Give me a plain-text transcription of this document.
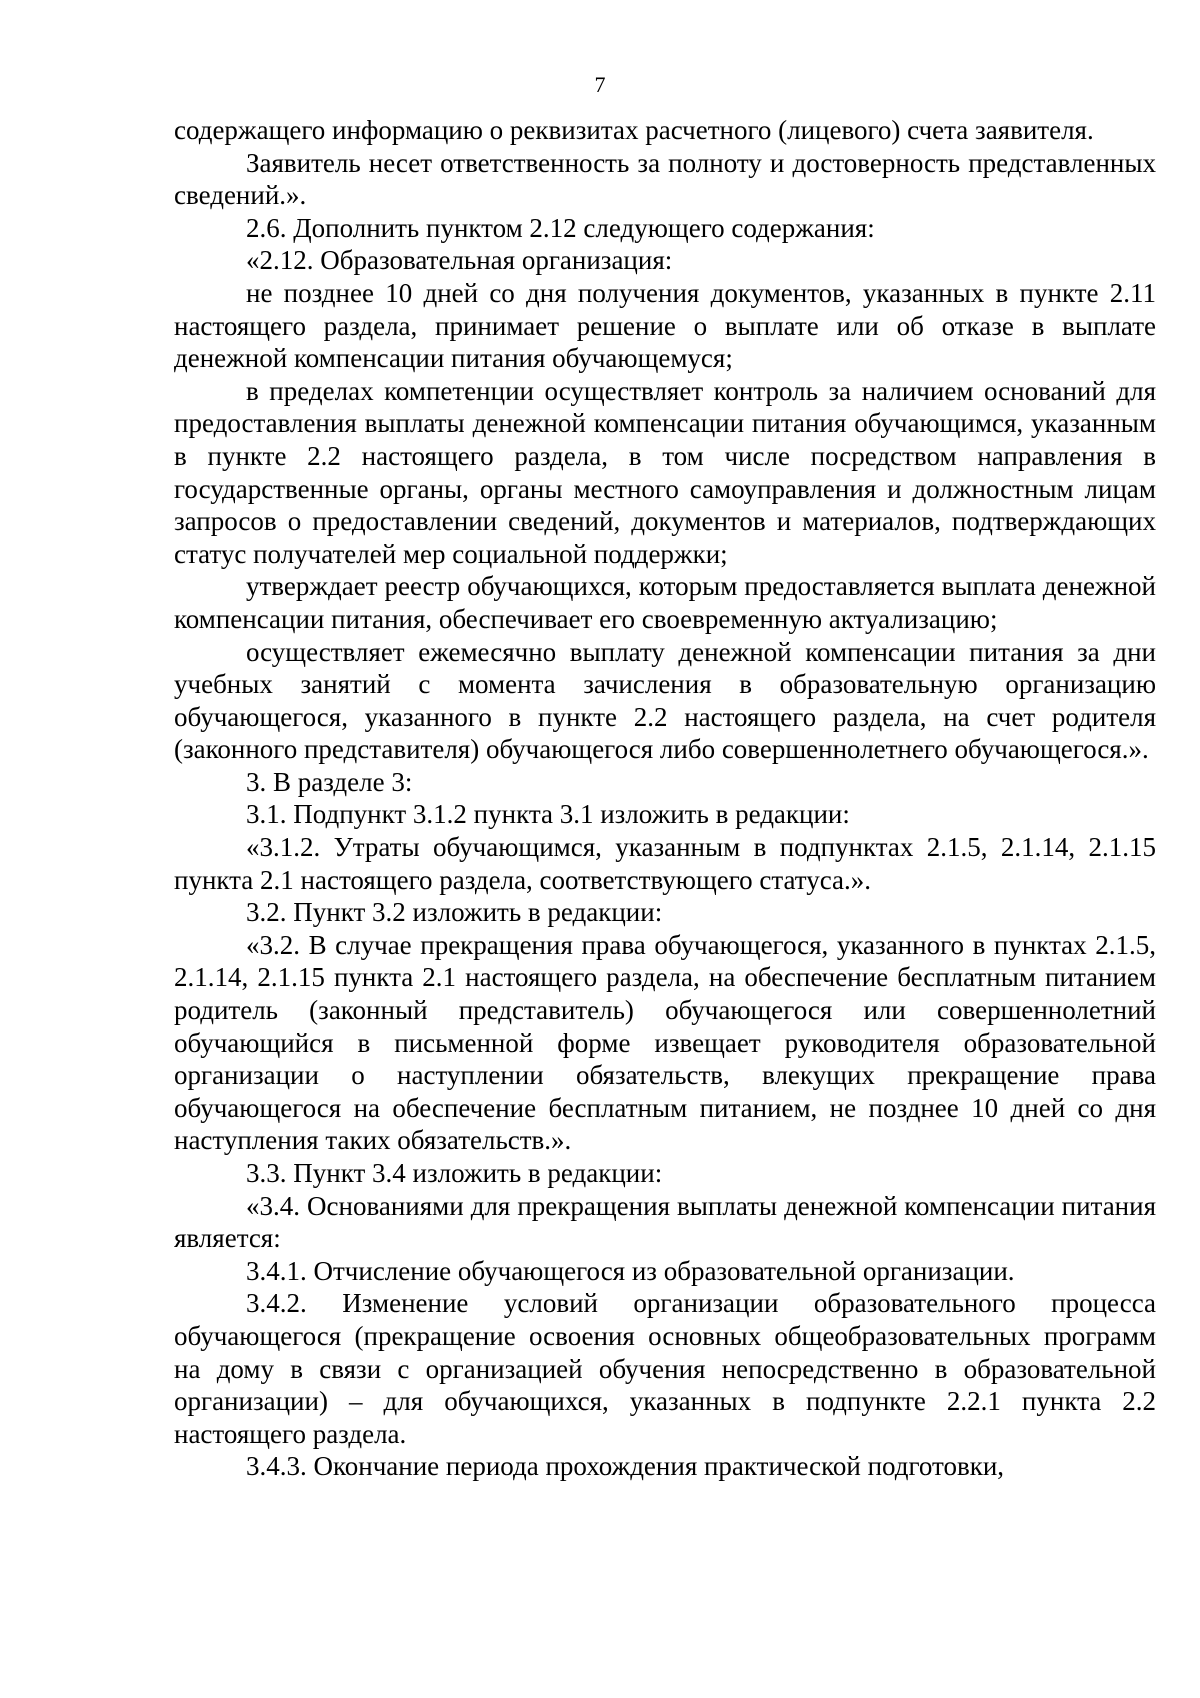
7

содержащего информацию о реквизитах расчетного (лицевого) счета заявителя.

Заявитель несет ответственность за полноту и достоверность представленных сведений.».

2.6. Дополнить пунктом 2.12 следующего содержания:

«2.12. Образовательная организация:

не позднее 10 дней со дня получения документов, указанных в пункте 2.11 настоящего раздела, принимает решение о выплате или об отказе в выплате денежной компенсации питания обучающемуся;

в пределах компетенции осуществляет контроль за наличием оснований для предоставления выплаты денежной компенсации питания обучающимся, указанным в пункте 2.2 настоящего раздела, в том числе посредством направления в государственные органы, органы местного самоуправления и должностным лицам запросов о предоставлении сведений, документов и материалов, подтверждающих статус получателей мер социальной поддержки;

утверждает реестр обучающихся, которым предоставляется выплата денежной компенсации питания, обеспечивает его своевременную актуализацию;

осуществляет ежемесячно выплату денежной компенсации питания за дни учебных занятий с момента зачисления в образовательную организацию обучающегося, указанного в пункте 2.2 настоящего раздела, на счет родителя (законного представителя) обучающегося либо совершеннолетнего обучающегося.».

3. В разделе 3:

3.1. Подпункт 3.1.2 пункта 3.1 изложить в редакции:

«3.1.2. Утраты обучающимся, указанным в подпунктах 2.1.5, 2.1.14, 2.1.15 пункта 2.1 настоящего раздела, соответствующего статуса.».

3.2. Пункт 3.2 изложить в редакции:

«3.2. В случае прекращения права обучающегося, указанного в пунктах 2.1.5, 2.1.14, 2.1.15 пункта 2.1 настоящего раздела, на обеспечение бесплатным питанием родитель (законный представитель) обучающегося или совершеннолетний обучающийся в письменной форме извещает руководителя образовательной организации о наступлении обязательств, влекущих прекращение права обучающегося на обеспечение бесплатным питанием, не позднее 10 дней со дня наступления таких обязательств.».

3.3. Пункт 3.4 изложить в редакции:

«3.4. Основаниями для прекращения выплаты денежной компенсации питания является:

3.4.1. Отчисление обучающегося из образовательной организации.

3.4.2. Изменение условий организации образовательного процесса обучающегося (прекращение освоения основных общеобразовательных программ на дому в связи с организацией обучения непосредственно в образовательной организации) – для обучающихся, указанных в подпункте 2.2.1 пункта 2.2 настоящего раздела.

3.4.3. Окончание периода прохождения практической подготовки,
